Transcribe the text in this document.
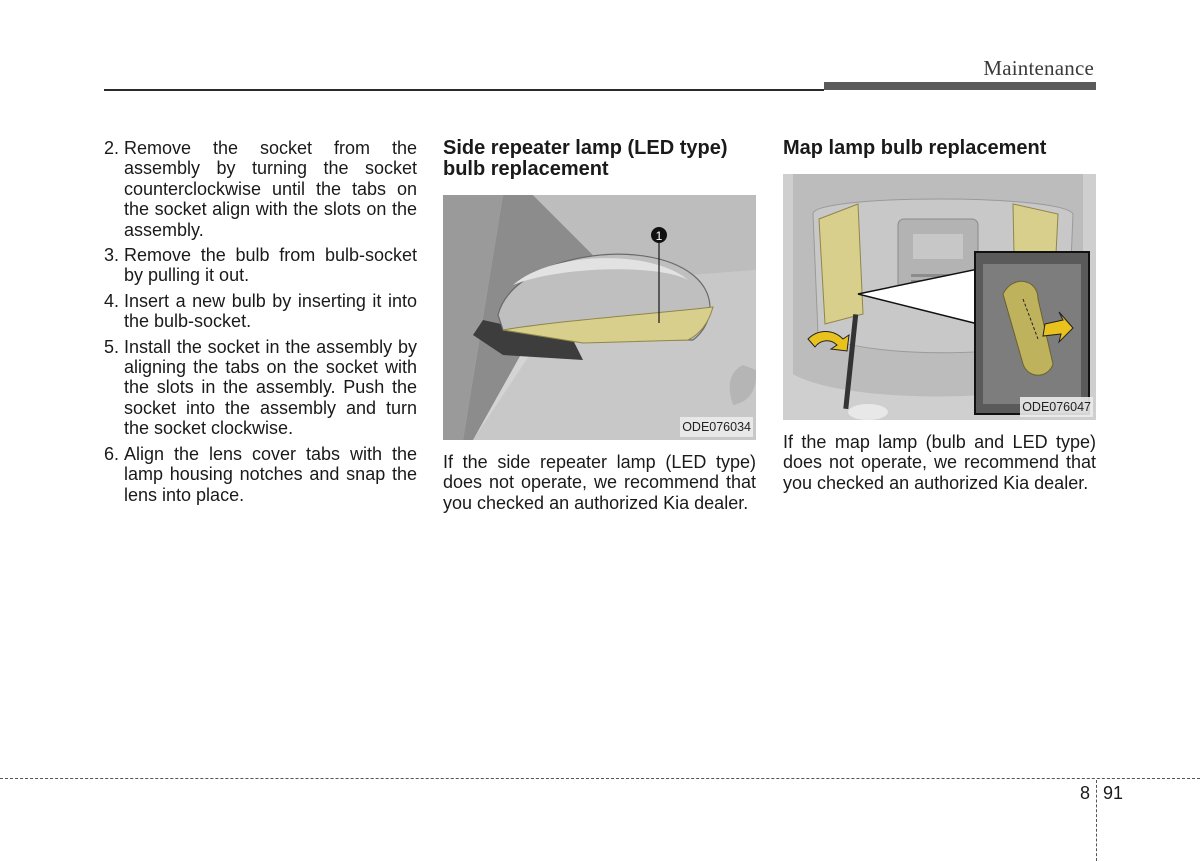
Maintenance
2. Remove the socket from the assembly by turning the socket counterclockwise until the tabs on the socket align with the slots on the assembly.
3. Remove the bulb from bulb-socket by pulling it out.
4. Insert a new bulb by inserting it into the bulb-socket.
5. Install the socket in the assembly by aligning the tabs on the socket with the slots in the assembly. Push the socket into the assembly and turn the socket clockwise.
6. Align the lens cover tabs with the lamp housing notches and snap the lens into place.
Side repeater lamp (LED type) bulb replacement
1
ODE076034
If the side repeater lamp (LED type) does not operate, we recommend that you checked an authorized Kia dealer.
Map lamp bulb replacement
ODE076047
If the map lamp (bulb and LED type) does not operate, we recommend that you checked an authorized Kia dealer.
8 91
